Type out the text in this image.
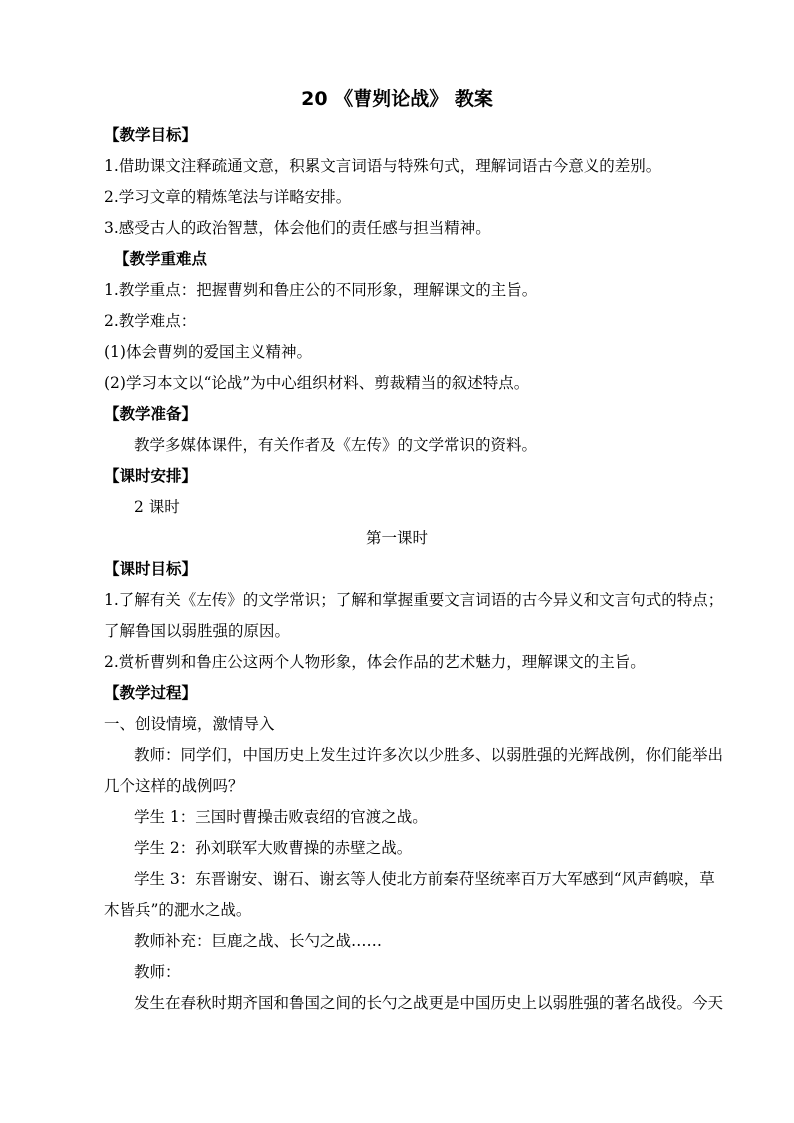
20 《曹刿论战》 教案
【教学目标】
1.借助课文注释疏通文意，积累文言词语与特殊句式，理解词语古今意义的差别。
2.学习文章的精炼笔法与详略安排。
3.感受古人的政治智慧，体会他们的责任感与担当精神。
【教学重难点
1.教学重点：把握曹刿和鲁庄公的不同形象，理解课文的主旨。
2.教学难点：
(1)体会曹刿的爱国主义精神。
(2)学习本文以“论战”为中心组织材料、剪裁精当的叙述特点。
【教学准备】
教学多媒体课件，有关作者及《左传》的文学常识的资料。
【课时安排】
2 课时
第一课时
【课时目标】
1.了解有关《左传》的文学常识；了解和掌握重要文言词语的古今异义和文言句式的特点；
了解鲁国以弱胜强的原因。
2.赏析曹刿和鲁庄公这两个人物形象，体会作品的艺术魅力，理解课文的主旨。
【教学过程】
一、创设情境，激情导入
教师：同学们，中国历史上发生过许多次以少胜多、以弱胜强的光辉战例，你们能举出
几个这样的战例吗？
学生 1：三国时曹操击败袁绍的官渡之战。
学生 2：孙刘联军大败曹操的赤壁之战。
学生 3：东晋谢安、谢石、谢玄等人使北方前秦苻坚统率百万大军感到“风声鹤唳，草
木皆兵”的淝水之战。
教师补充：巨鹿之战、长勺之战……
教师：
发生在春秋时期齐国和鲁国之间的长勺之战更是中国历史上以弱胜强的著名战役。今天
